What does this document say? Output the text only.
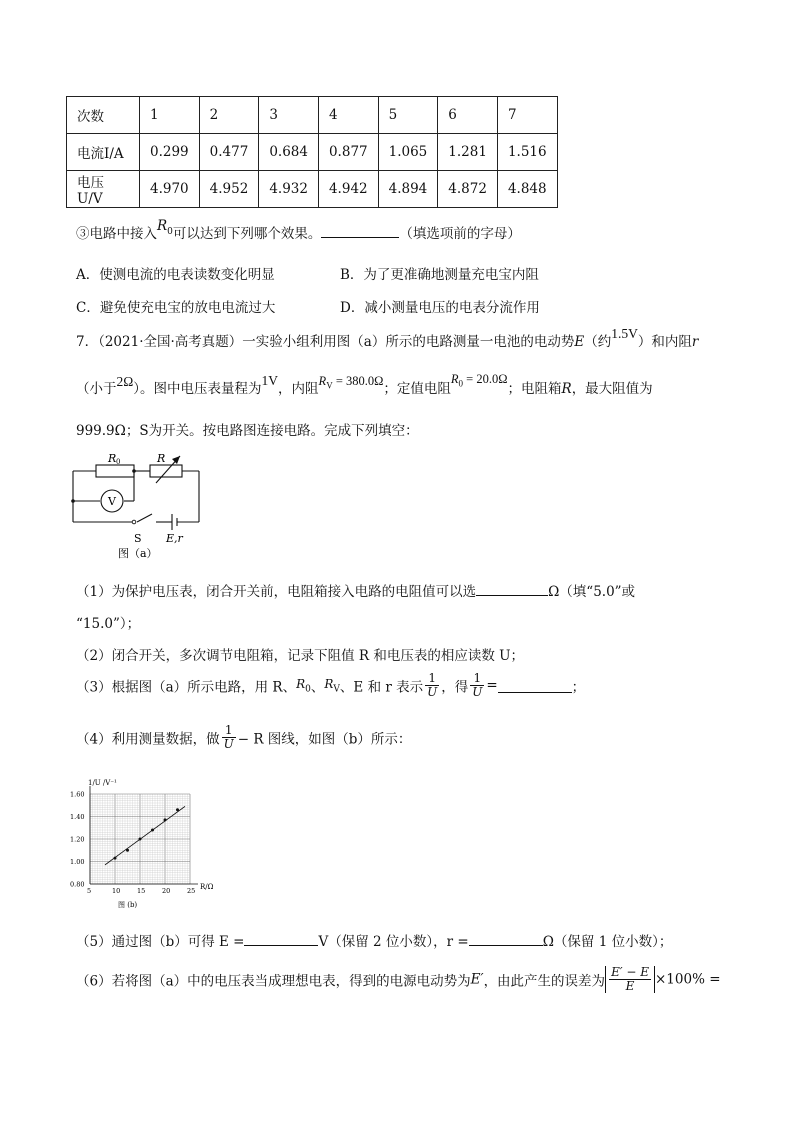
次数	1	2	3	4	5	6	7
电流I/A	0.299	0.477	0.684	0.877	1.065	1.281	1.516
电压U/V	4.970	4.952	4.932	4.942	4.894	4.872	4.848
③电路中接入$R_0$可以达到下列哪个效果。	（填选项前的字母）
A．使测电流的电表读数变化明显	B．为了更准确地测量充电宝内阻
C．避免使充电宝的放电电流过大	D．减小测量电压的电表分流作用
7．（2021·全国·高考真题）一实验小组利用图（a）所示的电路测量一电池的电动势E（约1.5V）和内阻r
（小于2Ω）。图中电压表量程为1V，内阻$R_V = 380.0\Omega$；定值电阻$R_0 = 20.0\Omega$；电阻箱R，最大阻值为
999.9Ω；S为开关。按电路图连接电路。完成下列填空：
R 0	R
V
S E,r
图（a）
（1）为保护电压表，闭合开关前，电阻箱接入电路的电阻值可以选	Ω（填“5.0”或
“15.0”）；
（2）闭合开关，多次调节电阻箱，记录下阻值 R 和电压表的相应读数 U；
（3）根据图（a）所示电路，用 R、$R_0$、$R_V$、E 和 r 表示 $\frac{1}{U}$ ，得 $\frac{1}{U}$ =	；
（4）利用测量数据，做 $\frac{1}{U} - R$ 图线，如图（b）所示：
1/U /V⁻¹
R/Ω
图 (b)
5	10	15	20	25
0.80
1.00
1.20
1.40
1.60
（5）通过图（b）可得 E =	V（保留 2 位小数），r =	Ω（保留 1 位小数）；
（6）若将图（a）中的电压表当成理想电表，得到的电源电动势为E′，由此产生的误差为 $\frac{E' - E}{E} \times 100\%$ =
